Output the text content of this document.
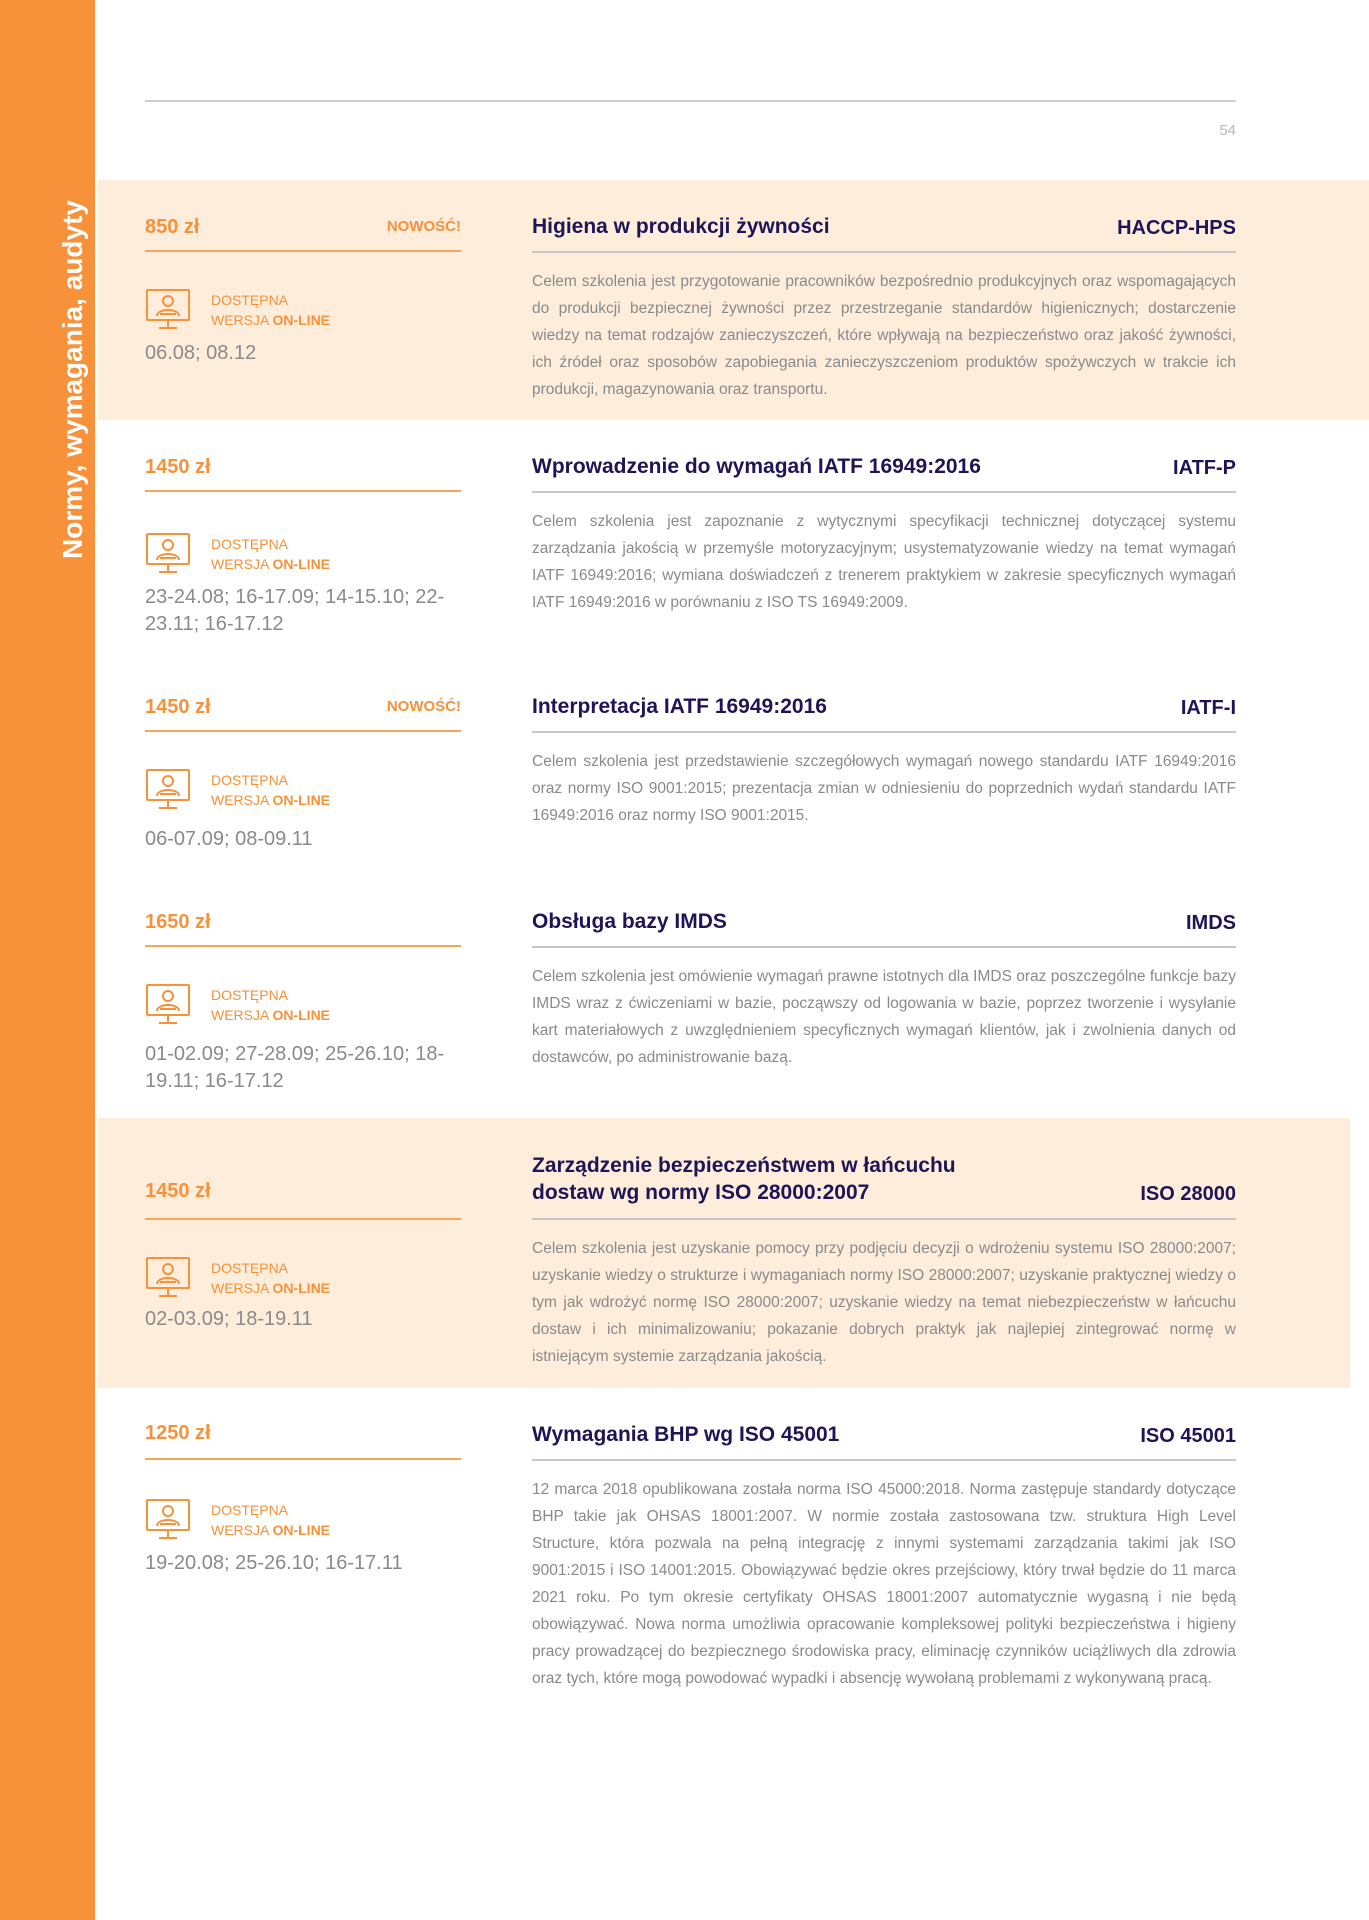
Normy, wymagania, audyty
54
850 zł	NOWOŚĆ!
DOSTĘPNA
WERSJA ON-LINE
06.08; 08.12
Higiena w produkcji żywności	HACCP-HPS
Celem szkolenia jest przygotowanie pracowników bezpośrednio produkcyjnych oraz wspomagających do produkcji bezpiecznej żywności przez przestrzeganie standardów higienicznych; dostarczenie wiedzy na temat rodzajów zanieczyszczeń, które wpływają na bezpieczeństwo oraz jakość żywności, ich źródeł oraz sposobów zapobiegania zanieczyszczeniom produktów spożywczych w trakcie ich produkcji, magazynowania oraz transportu.
1450 zł
DOSTĘPNA
WERSJA ON-LINE
23-24.08; 16-17.09; 14-15.10; 22-23.11; 16-17.12
Wprowadzenie do wymagań IATF 16949:2016	IATF-P
Celem szkolenia jest zapoznanie z wytycznymi specyfikacji technicznej dotyczącej systemu zarządzania jakością w przemyśle motoryzacyjnym; usystematyzowanie wiedzy na temat wymagań IATF 16949:2016; wymiana doświadczeń z trenerem praktykiem w zakresie specyficznych wymagań IATF 16949:2016 w porównaniu z ISO TS 16949:2009.
1450 zł	NOWOŚĆ!
DOSTĘPNA
WERSJA ON-LINE
06-07.09; 08-09.11
Interpretacja IATF 16949:2016	IATF-I
Celem szkolenia jest przedstawienie szczegółowych wymagań nowego standardu IATF 16949:2016 oraz normy ISO 9001:2015; prezentacja zmian w odniesieniu do poprzednich wydań standardu IATF 16949:2016 oraz normy ISO 9001:2015.
1650 zł
DOSTĘPNA
WERSJA ON-LINE
01-02.09; 27-28.09; 25-26.10; 18-19.11; 16-17.12
Obsługa bazy IMDS	IMDS
Celem szkolenia jest omówienie wymagań prawne istotnych dla IMDS oraz poszczególne funkcje bazy IMDS wraz z ćwiczeniami w bazie, począwszy od logowania w bazie, poprzez tworzenie i wysyłanie kart materiałowych z uwzględnieniem specyficznych wymagań klientów, jak i zwolnienia danych od dostawców, po administrowanie bazą.
1450 zł
DOSTĘPNA
WERSJA ON-LINE
02-03.09; 18-19.11
Zarządzenie bezpieczeństwem w łańcuchu
dostaw wg normy ISO 28000:2007	ISO 28000
Celem szkolenia jest uzyskanie pomocy przy podjęciu decyzji o wdrożeniu systemu ISO 28000:2007; uzyskanie wiedzy o strukturze i wymaganiach normy ISO 28000:2007; uzyskanie praktycznej wiedzy o tym jak wdrożyć normę ISO 28000:2007; uzyskanie wiedzy na temat niebezpieczeństw w łańcuchu dostaw i ich minimalizowaniu; pokazanie dobrych praktyk jak najlepiej zintegrować normę w istniejącym systemie zarządzania jakością.
1250 zł
DOSTĘPNA
WERSJA ON-LINE
19-20.08; 25-26.10; 16-17.11
Wymagania BHP wg ISO 45001	ISO 45001
12 marca 2018 opublikowana została norma ISO 45000:2018. Norma zastępuje standardy dotyczące BHP takie jak OHSAS 18001:2007. W normie została zastosowana tzw. struktura High Level Structure, która pozwala na pełną integrację z innymi systemami zarządzania takimi jak ISO 9001:2015 i ISO 14001:2015. Obowiązywać będzie okres przejściowy, który trwał będzie do 11 marca 2021 roku. Po tym okresie certyfikaty OHSAS 18001:2007 automatycznie wygasną i nie będą obowiązywać. Nowa norma umożliwia opracowanie kompleksowej polityki bezpieczeństwa i higieny pracy prowadzącej do bezpiecznego środowiska pracy, eliminację czynników uciążliwych dla zdrowia oraz tych, które mogą powodować wypadki i absencję wywołaną problemami z wykonywaną pracą.
